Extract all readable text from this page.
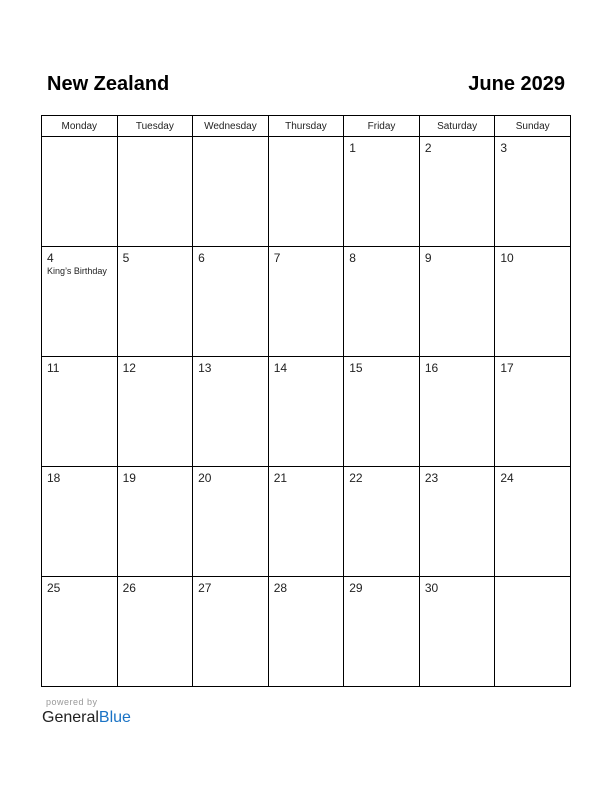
New Zealand	June 2029
Monday	Tuesday	Wednesday	Thursday	Friday	Saturday	Sunday

				1	2	3

4
King’s Birthday	5	6	7	8	9	10

11	12	13	14	15	16	17

18	19	20	21	22	23	24

25	26	27	28	29	30	

powered by
GeneralBlue
